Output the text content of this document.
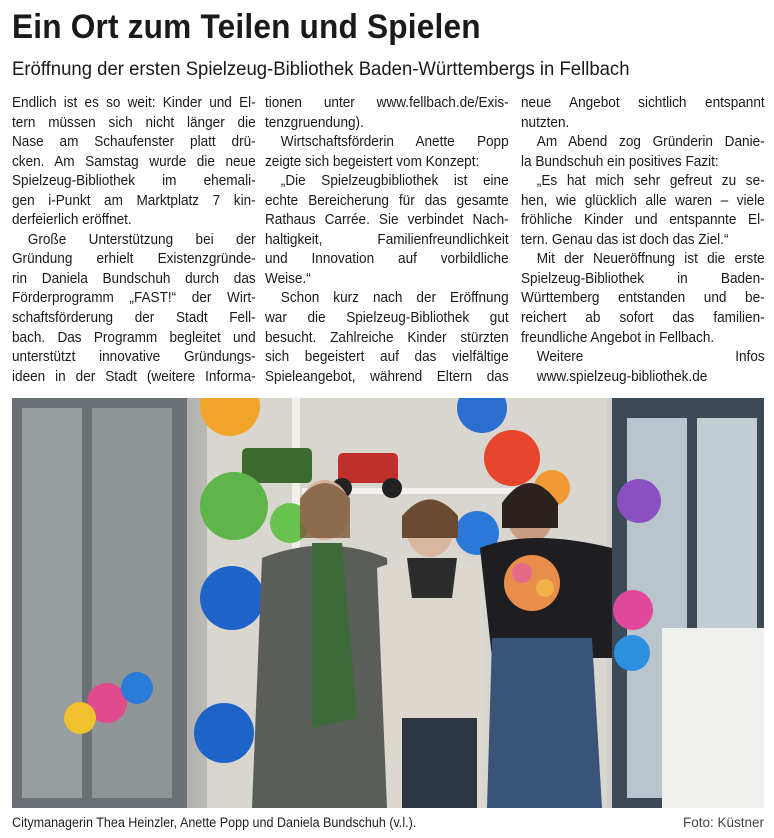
Ein Ort zum Teilen und Spielen
Eröffnung der ersten Spielzeug-Bibliothek Baden-Württembergs in Fellbach
Endlich ist es so weit: Kinder und El-
tern müssen sich nicht länger die
Nase am Schaufenster platt drü-
cken. Am Samstag wurde die neue
Spielzeug-Bibliothek im ehemali-
gen i-Punkt am Marktplatz 7 kin-
derfeierlich eröffnet.
Große Unterstützung bei der
Gründung erhielt Existenzgründe-
rin Daniela Bundschuh durch das
Förderprogramm „FAST!“ der Wirt-
schaftsförderung der Stadt Fell-
bach. Das Programm begleitet und
unterstützt innovative Gründungs-
ideen in der Stadt (weitere Informa-
tionen unter www.fellbach.de/Exis-
tenzgruendung).
Wirtschaftsförderin Anette Popp
zeigte sich begeistert vom Konzept:
„Die Spielzeugbibliothek ist eine
echte Bereicherung für das gesamte
Rathaus Carrée. Sie verbindet Nach-
haltigkeit, Familienfreundlichkeit
und Innovation auf vorbildliche
Weise.“
Schon kurz nach der Eröffnung
war die Spielzeug-Bibliothek gut
besucht. Zahlreiche Kinder stürzten
sich begeistert auf das vielfältige
Spieleangebot, während Eltern das
neue Angebot sichtlich entspannt
nutzten.
Am Abend zog Gründerin Danie-
la Bundschuh ein positives Fazit:
„Es hat mich sehr gefreut zu se-
hen, wie glücklich alle waren – viele
fröhliche Kinder und entspannte El-
tern. Genau das ist doch das Ziel.“
Mit der Neueröffnung ist die erste
Spielzeug-Bibliothek in Baden-
Württemberg entstanden und be-
reichert ab sofort das familien-
freundliche Angebot in Fellbach.
Weitere Infos
www.spielzeug-bibliothek.de
Citymanagerin Thea Heinzler, Anette Popp und Daniela Bundschuh (v.l.).	Foto: Küstner
